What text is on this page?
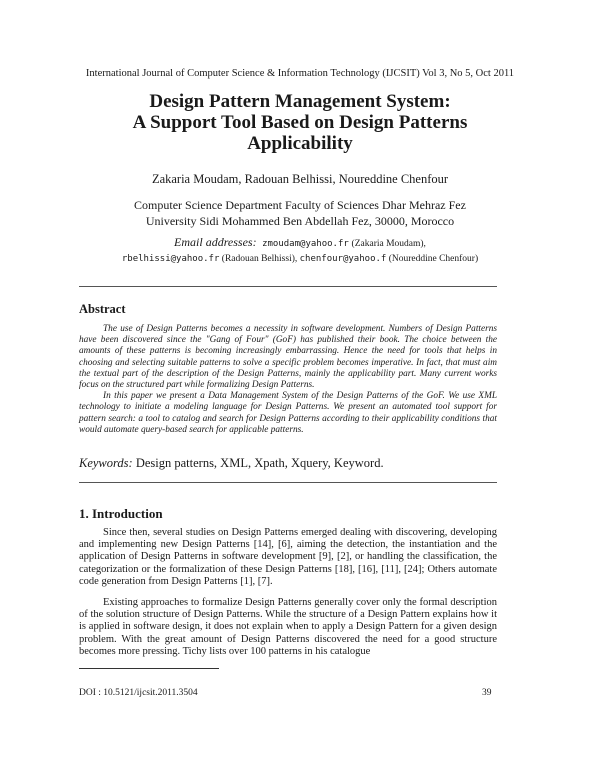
International Journal of Computer Science & Information Technology (IJCSIT) Vol 3, No 5, Oct 2011
Design Pattern Management System:
A Support Tool Based on Design Patterns
Applicability
Zakaria Moudam, Radouan Belhissi, Noureddine Chenfour
Computer Science Department Faculty of Sciences Dhar Mehraz Fez
University Sidi Mohammed Ben Abdellah Fez, 30000, Morocco
Email addresses: zmoudam@yahoo.fr (Zakaria Moudam),
rbelhissi@yahoo.fr (Radouan Belhissi), chenfour@yahoo.f (Noureddine Chenfour)
Abstract

The use of Design Patterns becomes a necessity in software development. Numbers of Design Patterns have been discovered since the "Gang of Four" (GoF) has published their book. The choice between the amounts of these patterns is becoming increasingly embarrassing. Hence the need for tools that helps in choosing and selecting suitable patterns to solve a specific problem becomes imperative. In fact, that must aim the textual part of the description of the Design Patterns, mainly the applicability part. Many current works focus on the structured part while formalizing Design Patterns.

In this paper we present a Data Management System of the Design Patterns of the GoF. We use XML technology to initiate a modeling language for Design Patterns. We present an automated tool support for pattern search: a tool to catalog and search for Design Patterns according to their applicability conditions that would automate query-based search for applicable patterns.

Keywords: Design patterns, XML, Xpath, Xquery, Keyword.
1. Introduction

Since then, several studies on Design Patterns emerged dealing with discovering, developing and implementing new Design Patterns [14], [6], aiming the detection, the instantiation and the application of Design Patterns in software development [9], [2], or handling the classification, the categorization or the formalization of these Design Patterns [18], [16], [11], [24]; Others automate code generation from Design Patterns [1], [7].

Existing approaches to formalize Design Patterns generally cover only the formal description of the solution structure of Design Patterns. While the structure of a Design Pattern explains how it is applied in software design, it does not explain when to apply a Design Pattern for a given design problem. With the great amount of Design Patterns discovered the need for a good structure becomes more pressing. Tichy lists over 100 patterns in his catalogue

DOI : 10.5121/ijcsit.2011.3504	39
